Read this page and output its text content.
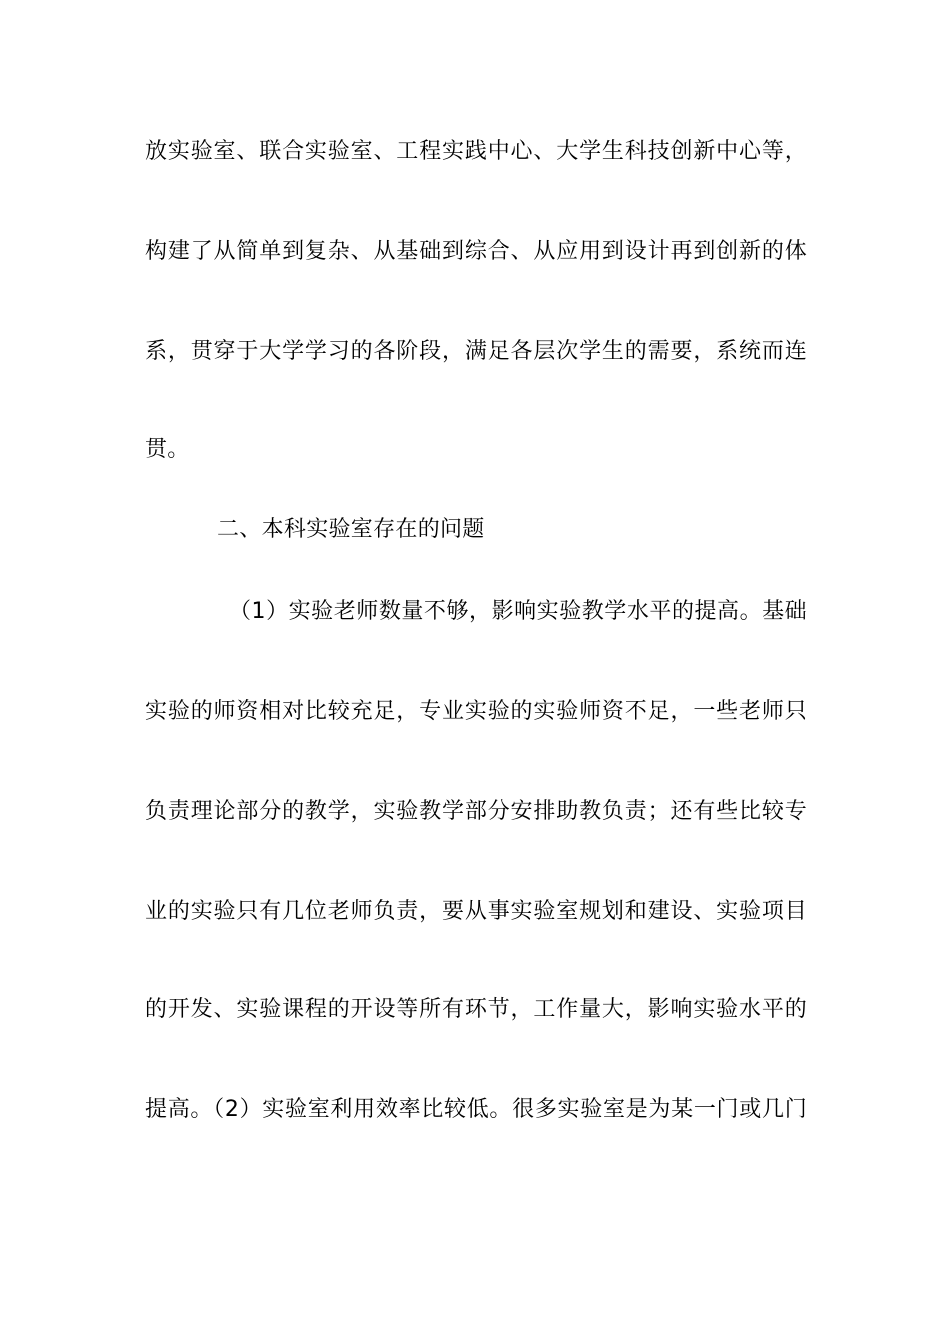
放实验室、联合实验室、工程实践中心、大学生科技创新中心等，
构建了从简单到复杂、从基础到综合、从应用到设计再到创新的体
系，贯穿于大学学习的各阶段，满足各层次学生的需要，系统而连
贯。
二、本科实验室存在的问题
（1）实验老师数量不够，影响实验教学水平的提高。基础
实验的师资相对比较充足，专业实验的实验师资不足，一些老师只
负责理论部分的教学，实验教学部分安排助教负责；还有些比较专
业的实验只有几位老师负责，要从事实验室规划和建设、实验项目
的开发、实验课程的开设等所有环节，工作量大，影响实验水平的
提高。（2）实验室利用效率比较低。很多实验室是为某一门或几门
